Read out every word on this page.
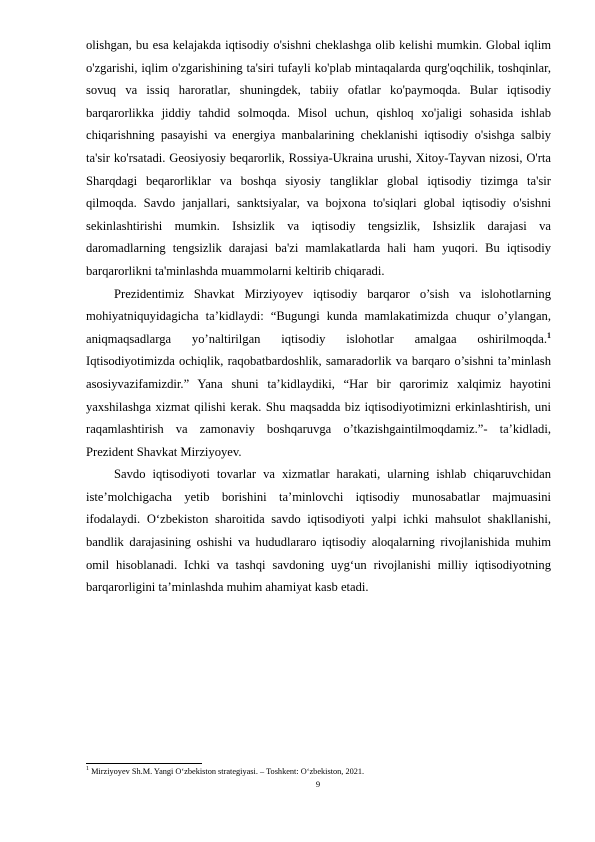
olishgan, bu esa kelajakda iqtisodiy o'sishni cheklashga olib kelishi mumkin. Global iqlim o'zgarishi, iqlim o'zgarishining ta'siri tufayli ko'plab mintaqalarda qurg'oqchilik, toshqinlar, sovuq va issiq haroratlar, shuningdek, tabiiy ofatlar ko'paymoqda. Bular iqtisodiy barqarorlikka jiddiy tahdid solmoqda. Misol uchun, qishloq xo'jaligi sohasida ishlab chiqarishning pasayishi va energiya manbalarining cheklanishi iqtisodiy o'sishga salbiy ta'sir ko'rsatadi. Geosiyosiy beqarorlik, Rossiya-Ukraina urushi, Xitoy-Tayvan nizosi, O'rta Sharqdagi beqarorliklar va boshqa siyosiy tangliklar global iqtisodiy tizimga ta'sir qilmoqda. Savdo janjallari, sanktsiyalar, va bojxona to'siqlari global iqtisodiy o'sishni sekinlashtirishi mumkin. Ishsizlik va iqtisodiy tengsizlik, Ishsizlik darajasi va daromadlarning tengsizlik darajasi ba'zi mamlakatlarda hali ham yuqori. Bu iqtisodiy barqarorlikni ta'minlashda muammolarni keltirib chiqaradi.

Prezidentimiz Shavkat Mirziyoyev iqtisodiy barqaror o’sish va islohotlarning mohiyatniquyidagicha ta’kidlaydi: “Bugungi kunda mamlakatimizda chuqur o’ylangan, aniqmaqsadlarga yo’naltirilgan iqtisodiy islohotlar amalgaa oshirilmoqda.$^1$ Iqtisodiyotimizda ochiqlik, raqobatbardoshlik, samaradorlik va barqaro o’sishni ta’minlash asosiyvazifamizdir.” Yana shuni ta’kidlaydiki, “Har bir qarorimiz xalqimiz hayotini yaxshilashga xizmat qilishi kerak. Shu maqsadda biz iqtisodiyotimizni erkinlashtirish, uni raqamlashtirish va zamonaviy boshqaruvga o’tkazishgaintilmoqdamiz.”- ta’kidladi, Prezident Shavkat Mirziyoyev.

Savdo iqtisodiyoti tovarlar va xizmatlar harakati, ularning ishlab chiqaruvchidan iste’molchigacha yetib borishini ta’minlovchi iqtisodiy munosabatlar majmuasini ifodalaydi. O‘zbekiston sharoitida savdo iqtisodiyoti yalpi ichki mahsulot shakllanishi, bandlik darajasining oshishi va hududlararo iqtisodiy aloqalarning rivojlanishida muhim omil hisoblanadi. Ichki va tashqi savdoning uyg‘un rivojlanishi milliy iqtisodiyotning barqarorligini ta’minlashda muhim ahamiyat kasb etadi.

$^1$ Mirziyoyev Sh.M. Yangi O‘zbekiston strategiyasi. – Toshkent: O‘zbekiston, 2021.
9
